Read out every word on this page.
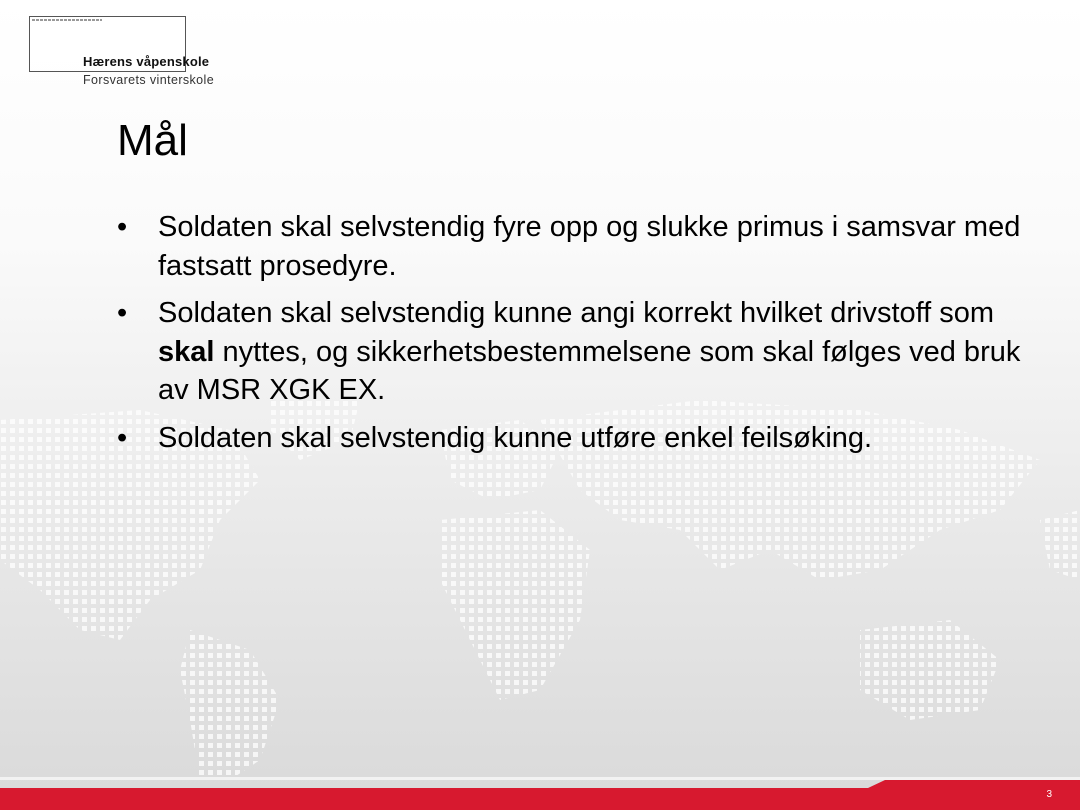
Hærens våpenskole

Forsvarets vinterskole

Mål
• Soldaten skal selvstendig fyre opp og slukke primus i samsvar med fastsatt prosedyre.
• Soldaten skal selvstendig kunne angi korrekt hvilket drivstoff som skal nyttes, og sikkerhetsbestemmelsene som skal følges ved bruk av MSR XGK EX.
• Soldaten skal selvstendig kunne utføre enkel feilsøking.

3
